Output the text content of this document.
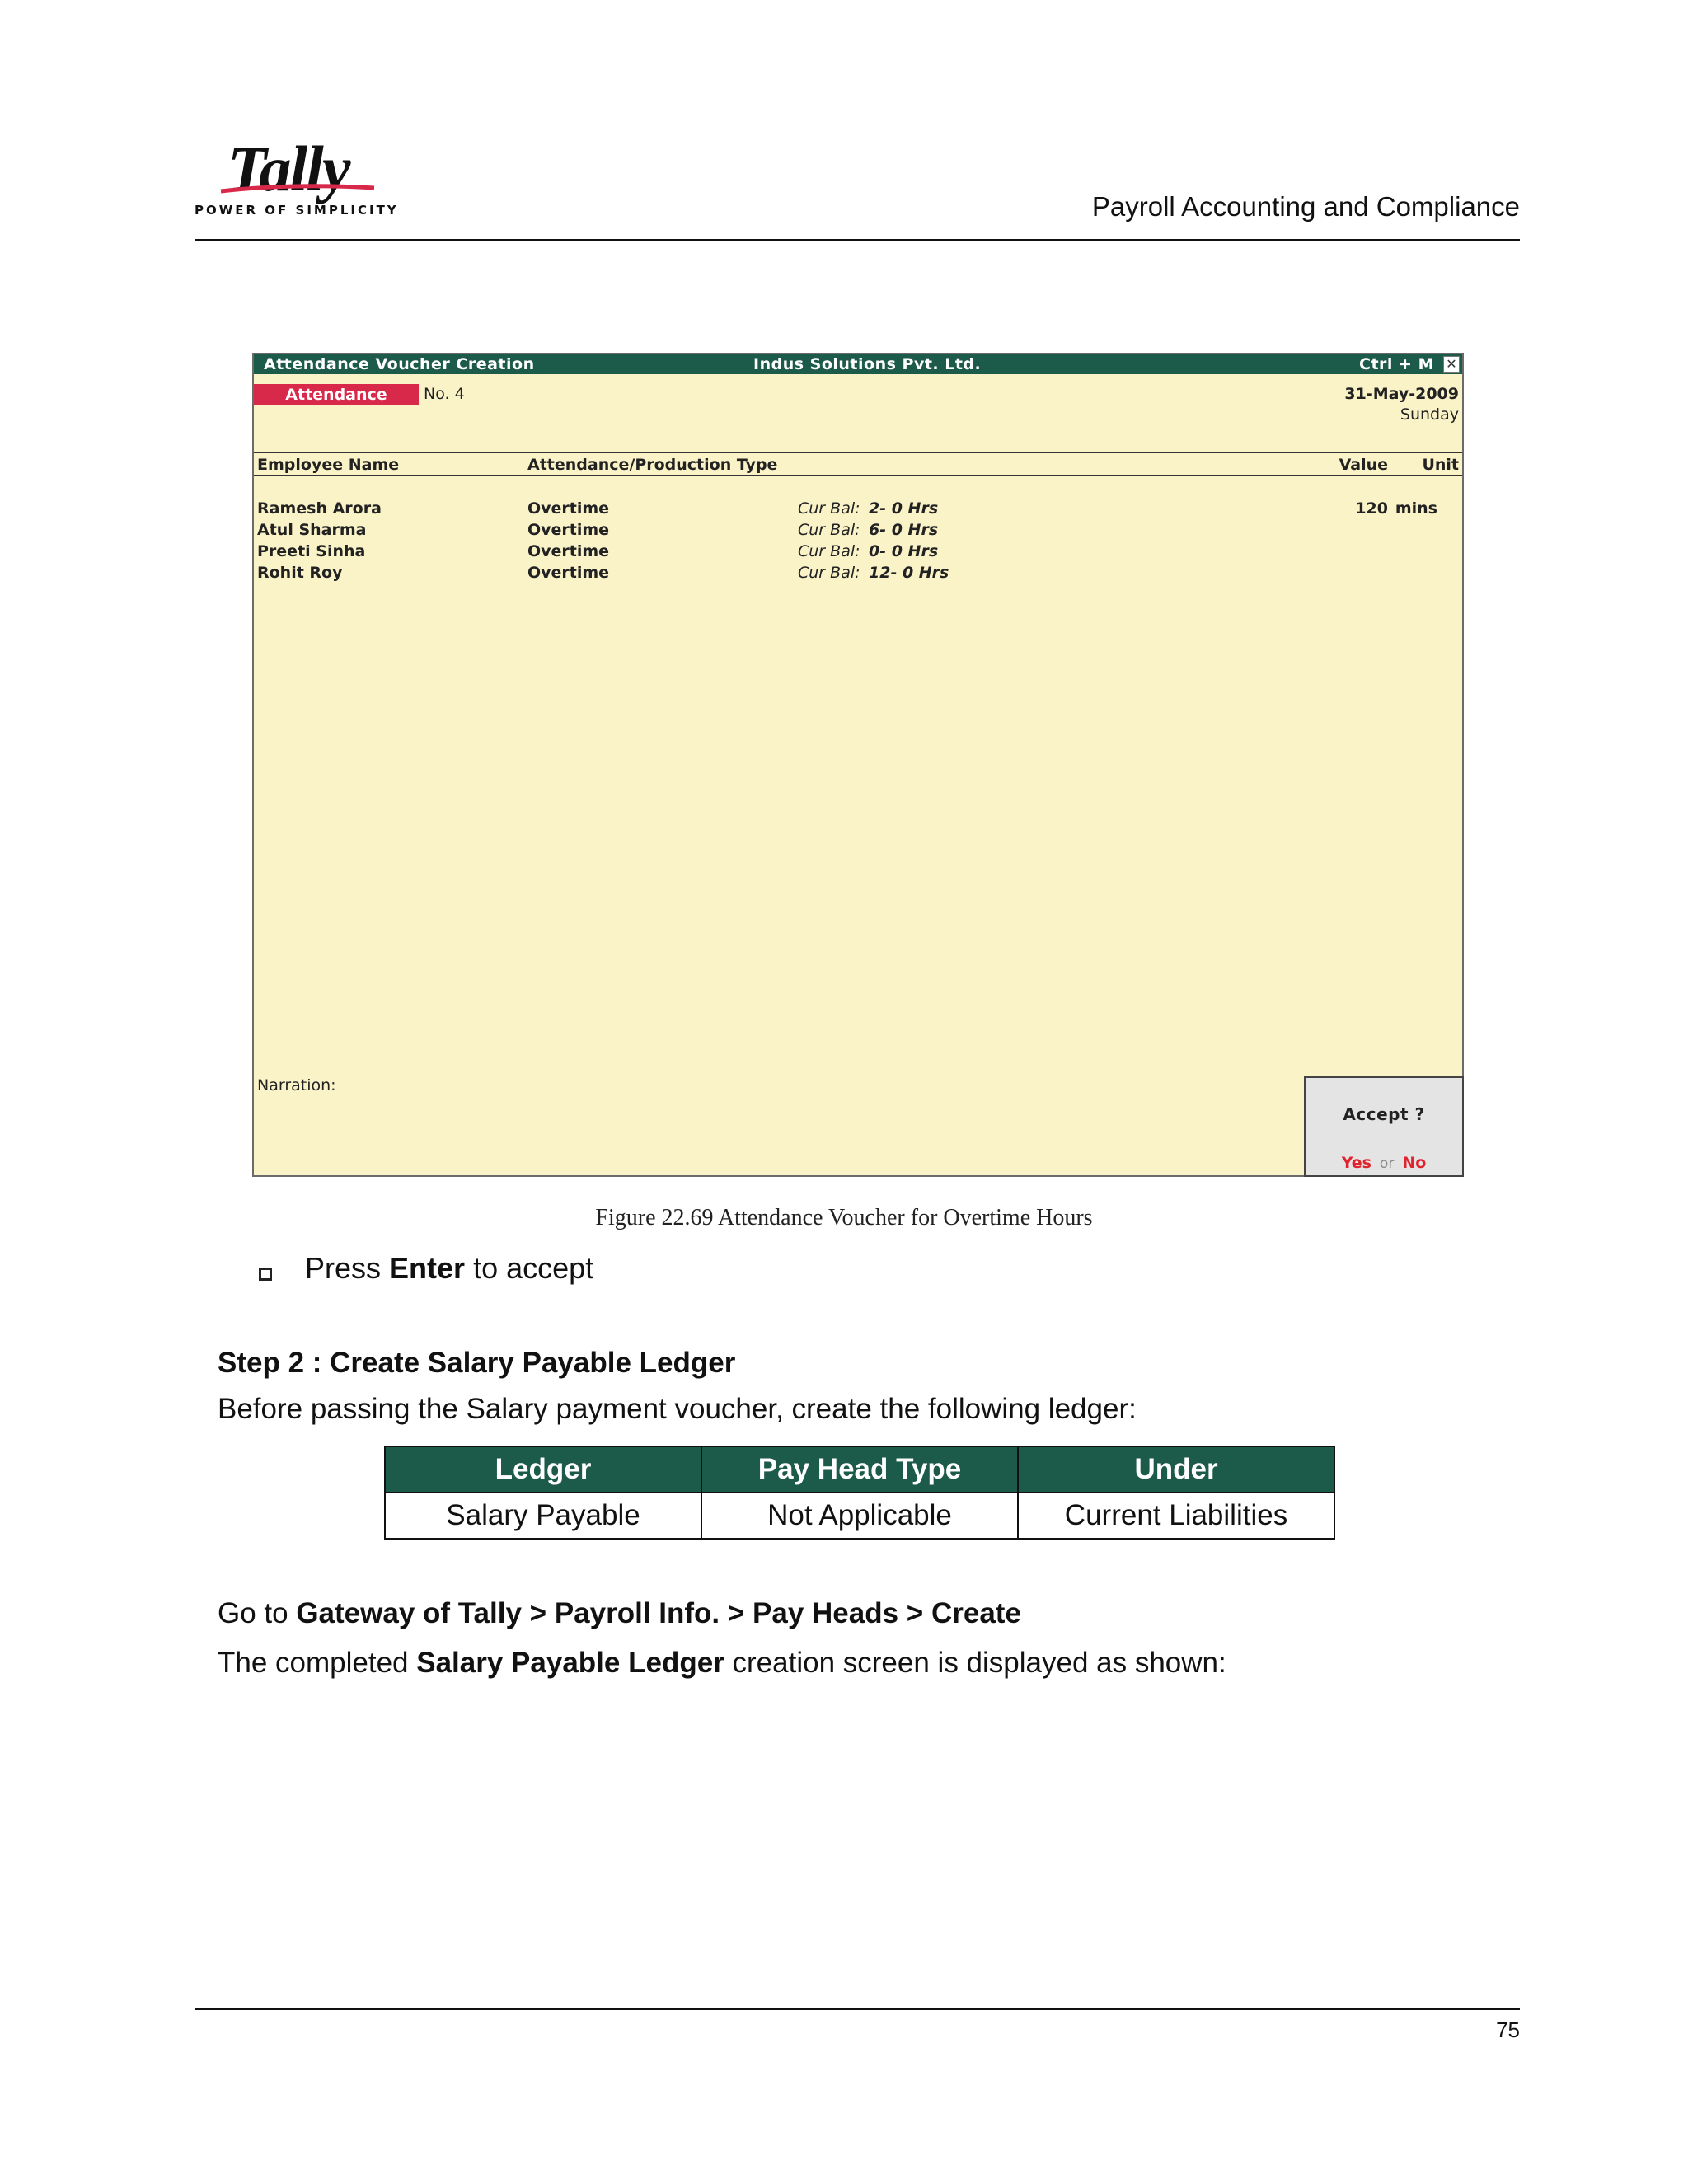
Tally
POWER OF SIMPLICITY	Payroll Accounting and Compliance
Attendance Voucher Creation	Indus Solutions Pvt. Ltd.	Ctrl + M ✕
Attendance	No. 4	31-May-2009
Sunday
Employee Name	Attendance/Production Type	Value Unit
Ramesh Arora	Overtime	Cur Bal: 2- 0 Hrs	120 mins
Atul Sharma	Overtime	Cur Bal: 6- 0 Hrs
Preeti Sinha	Overtime	Cur Bal: 0- 0 Hrs
Rohit Roy	Overtime	Cur Bal: 12- 0 Hrs
Narration:
Accept ?
Yes or No
Figure 22.69 Attendance Voucher for Overtime Hours
Press Enter to accept
Step 2 : Create Salary Payable Ledger
Before passing the Salary payment voucher, create the following ledger:
Ledger	Pay Head Type	Under
Salary Payable	Not Applicable	Current Liabilities
Go to Gateway of Tally > Payroll Info. > Pay Heads > Create
The completed Salary Payable Ledger creation screen is displayed as shown:
75
